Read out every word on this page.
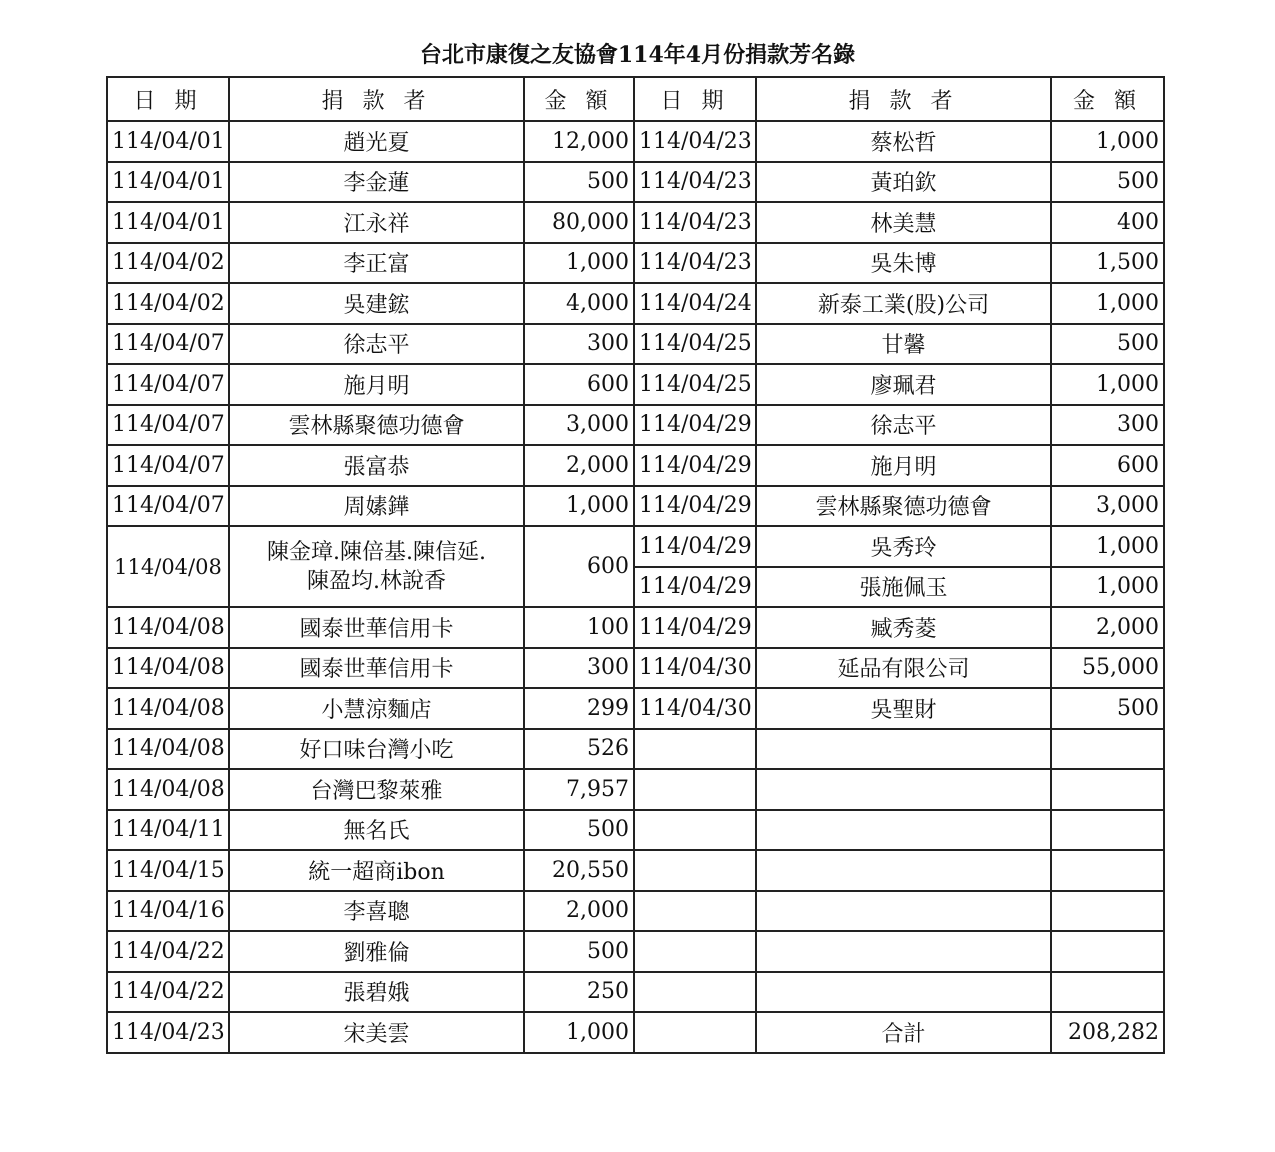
台北市康復之友協會114年4月份捐款芳名錄
日 期	捐 款 者	金 額	日 期	捐 款 者	金 額
114/04/01	趙光夏	12,000	114/04/23	蔡松哲	1,000
114/04/01	李金蓮	500	114/04/23	黃珀欽	500
114/04/01	江永祥	80,000	114/04/23	林美慧	400
114/04/02	李正富	1,000	114/04/23	吳朱博	1,500
114/04/02	吳建鋐	4,000	114/04/24	新泰工業(股)公司	1,000
114/04/07	徐志平	300	114/04/25	甘馨	500
114/04/07	施月明	600	114/04/25	廖珮君	1,000
114/04/07	雲林縣聚德功德會	3,000	114/04/29	徐志平	300
114/04/07	張富恭	2,000	114/04/29	施月明	600
114/04/07	周嫊鏵	1,000	114/04/29	雲林縣聚德功德會	3,000
114/04/08	陳金璋.陳倍基.陳信延.
陳盈均.林說香	600	114/04/29	吳秀玲	1,000
			114/04/29	張施佩玉	1,000
114/04/08	國泰世華信用卡	100	114/04/29	臧秀菱	2,000
114/04/08	國泰世華信用卡	300	114/04/30	延品有限公司	55,000
114/04/08	小慧涼麵店	299	114/04/30	吳聖財	500
114/04/08	好口味台灣小吃	526			
114/04/08	台灣巴黎萊雅	7,957			
114/04/11	無名氏	500			
114/04/15	統一超商ibon	20,550			
114/04/16	李喜聰	2,000			
114/04/22	劉雅倫	500			
114/04/22	張碧娥	250			
114/04/23	宋美雲	1,000		合計	208,282
